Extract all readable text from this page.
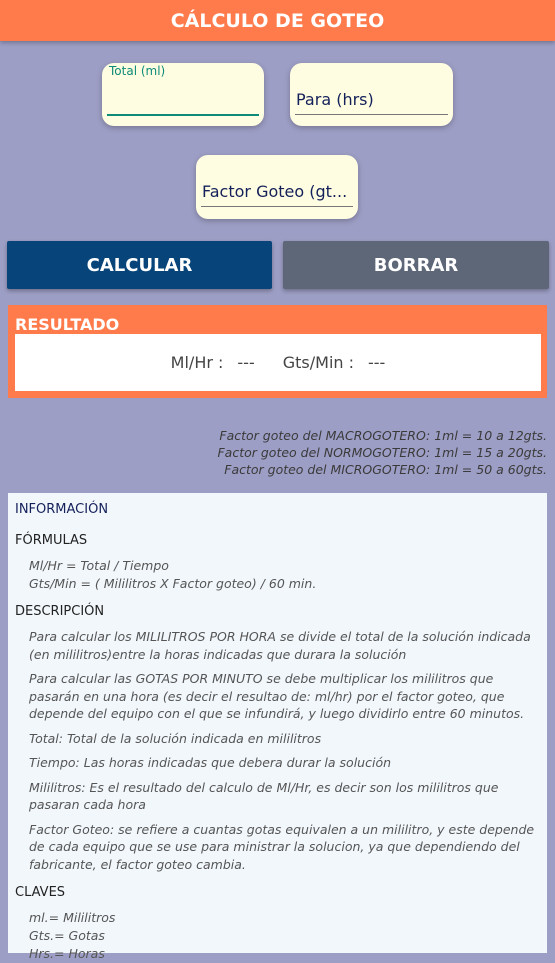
CÁLCULO DE GOTEO
Total (ml)
Para (hrs)
Factor Goteo (gt...
CALCULAR	BORRAR
RESULTADO
Ml/Hr : --- Gts/Min : ---
Factor goteo del MACROGOTERO: 1ml = 10 a 12gts.
Factor goteo del NORMOGOTERO: 1ml = 15 a 20gts.
Factor goteo del MICROGOTERO: 1ml = 50 a 60gts.
INFORMACIÓN
FÓRMULAS
Ml/Hr = Total / Tiempo
Gts/Min = ( Mililitros X Factor goteo) / 60 min.
DESCRIPCIÓN
Para calcular los MILILITROS POR HORA se divide el total de la solución indicada (en mililitros)entre la horas indicadas que durara la solución
Para calcular las GOTAS POR MINUTO se debe multiplicar los mililitros que pasarán en una hora (es decir el resultao de: ml/hr) por el factor goteo, que depende del equipo con el que se infundirá, y luego dividirlo entre 60 minutos.
Total: Total de la solución indicada en mililitros
Tiempo: Las horas indicadas que debera durar la solución
Mililitros: Es el resultado del calculo de Ml/Hr, es decir son los mililitros que pasaran cada hora
Factor Goteo: se refiere a cuantas gotas equivalen a un mililitro, y este depende de cada equipo que se use para ministrar la solucion, ya que dependiendo del fabricante, el factor goteo cambia.
CLAVES
ml.= Mililitros
Gts.= Gotas
Hrs.= Horas
